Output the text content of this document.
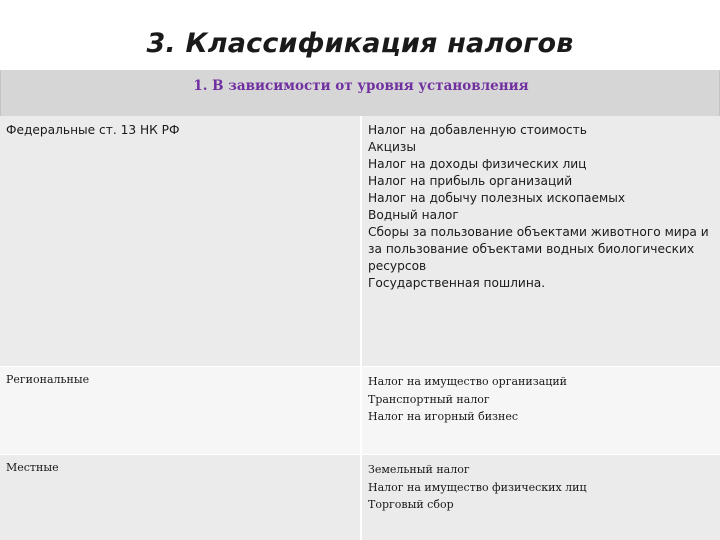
3. Классификация налогов
1. В зависимости от уровня установления
Федеральные ст. 13 НК РФ	Налог на добавленную стоимость
Акцизы
Налог на доходы физических лиц
Налог на прибыль организаций
Налог на добычу полезных ископаемых
Водный налог
Сборы за пользование объектами животного мира и за пользование объектами водных биологических ресурсов
Государственная пошлина.
Региональные	Налог на имущество организаций
Транспортный налог
Налог на игорный бизнес
Местные	Земельный налог
Налог на имущество физических лиц
Торговый сбор
